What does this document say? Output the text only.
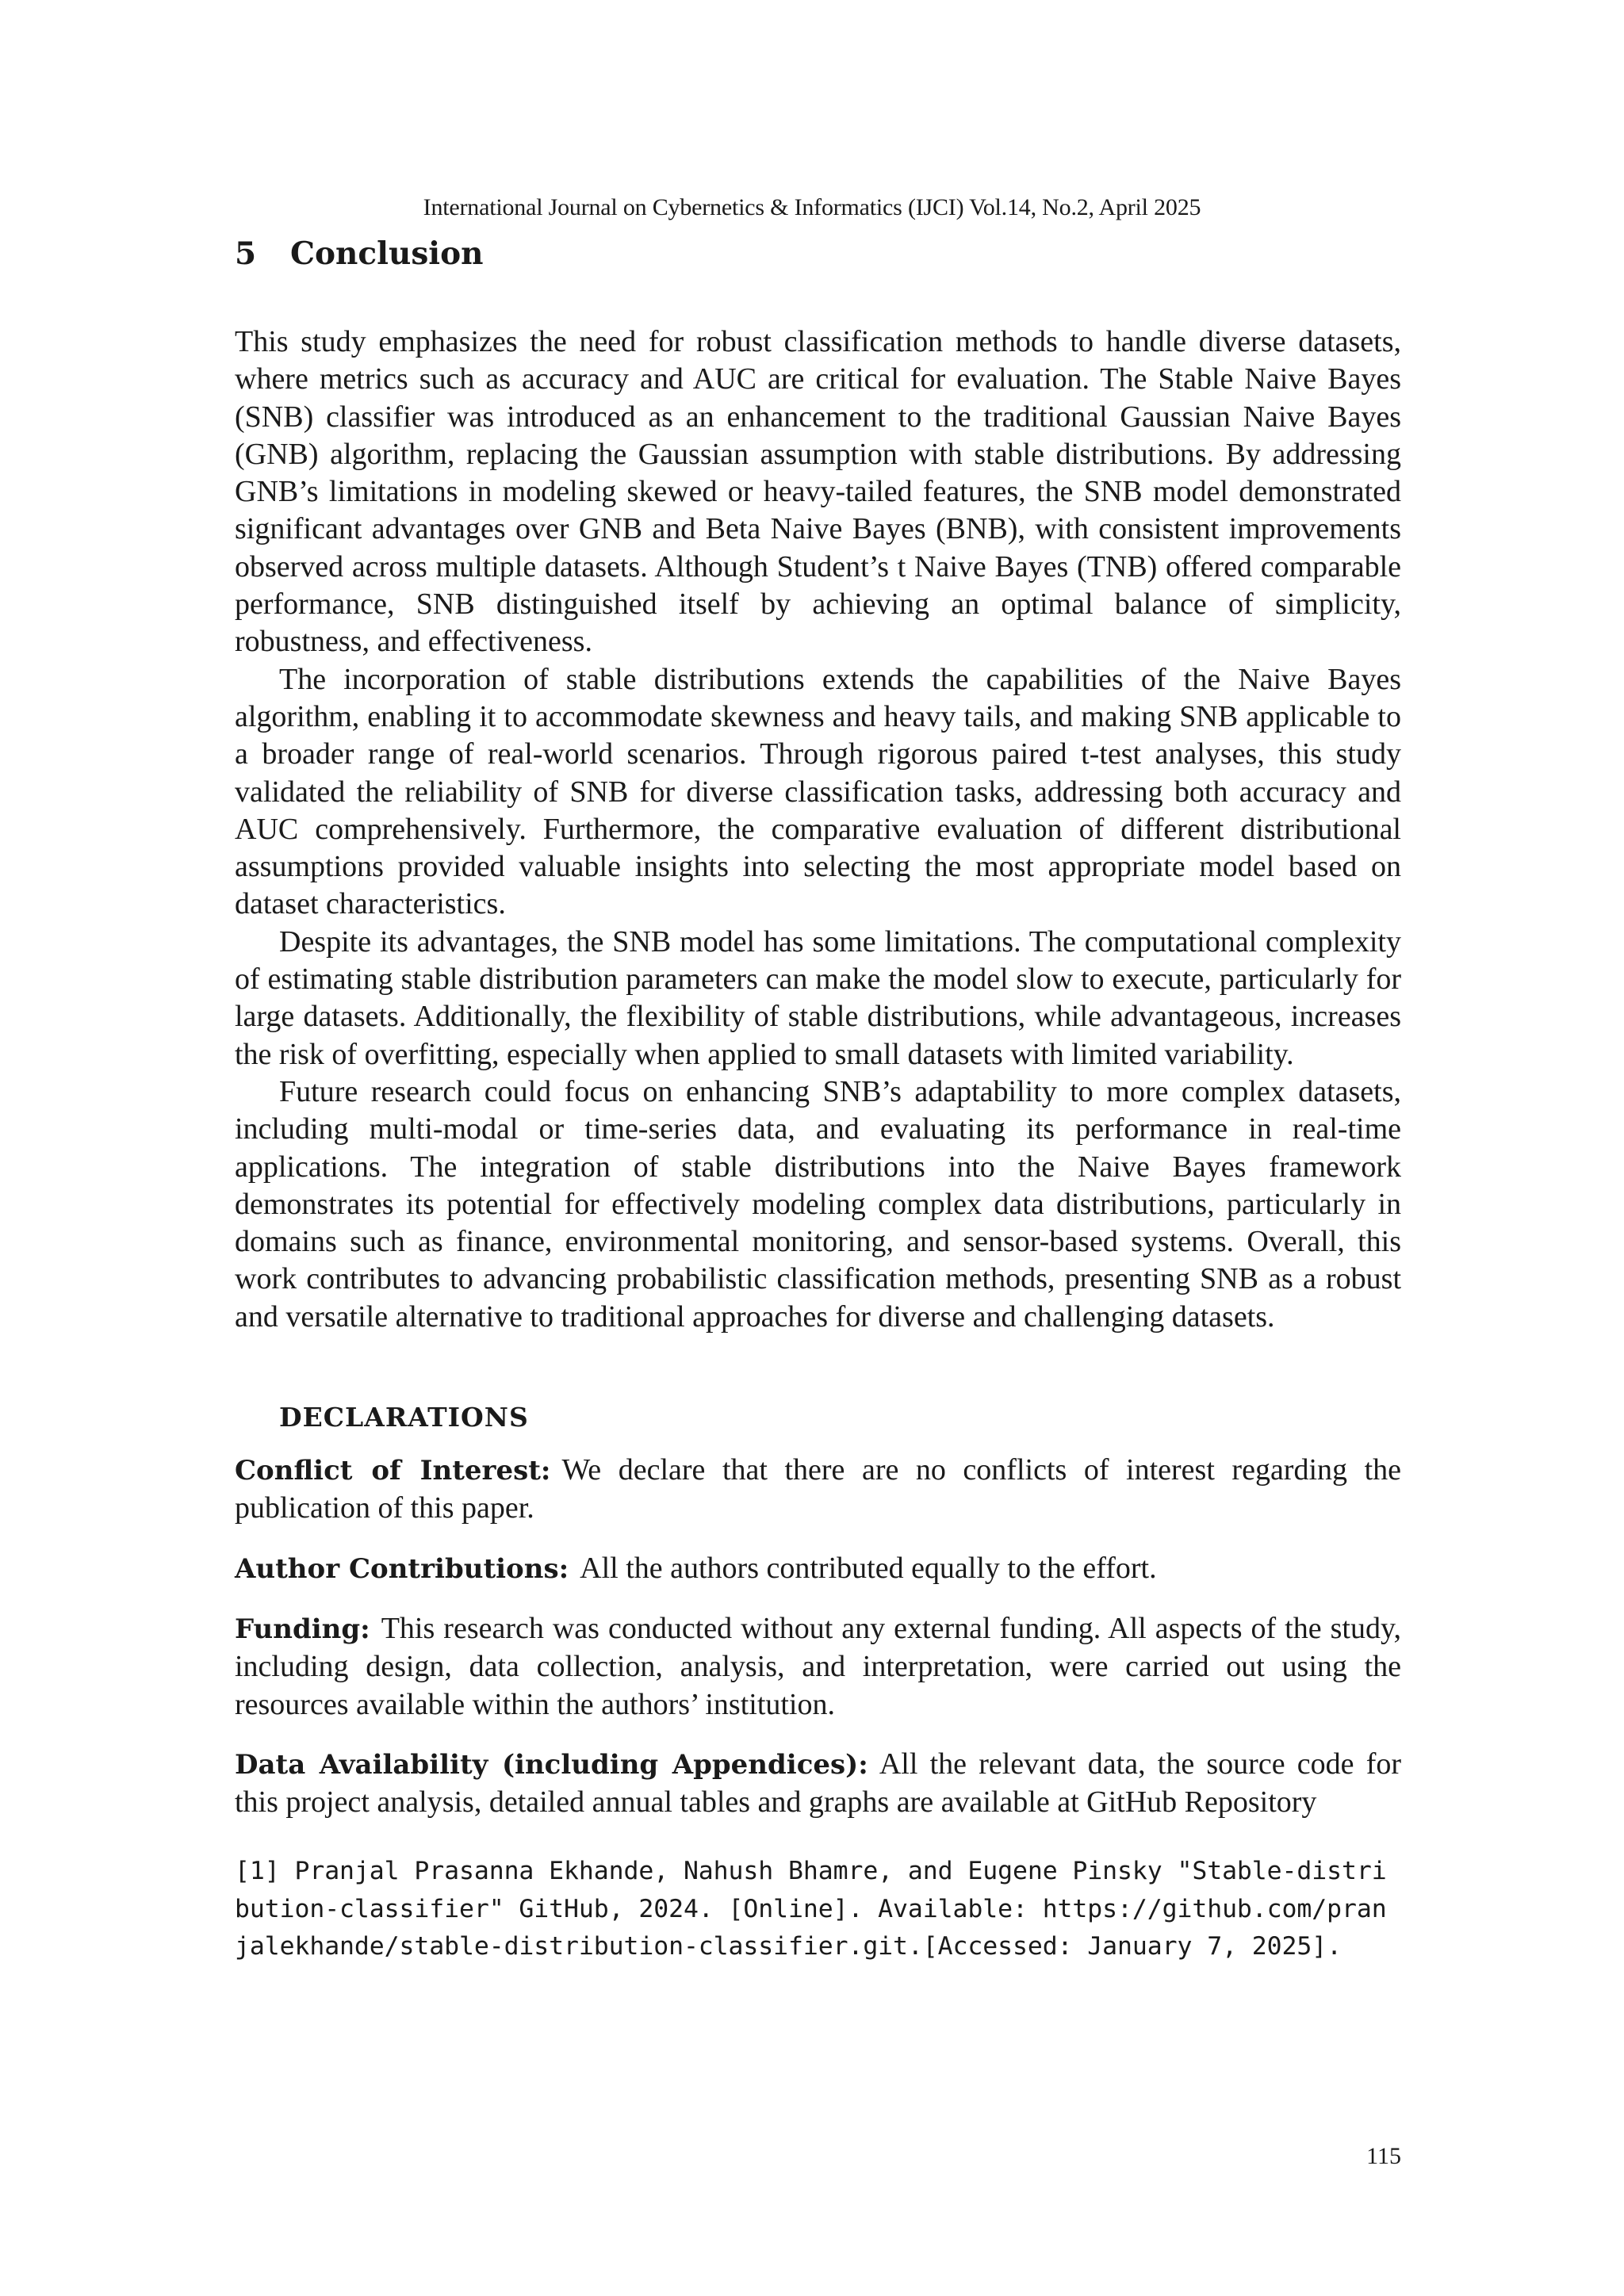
International Journal on Cybernetics & Informatics (IJCI) Vol.14, No.2, April 2025
5 Conclusion

This study emphasizes the need for robust classification methods to handle diverse datasets, where metrics such as accuracy and AUC are critical for evaluation. The Stable Naive Bayes (SNB) classifier was introduced as an enhancement to the traditional Gaussian Naive Bayes (GNB) algorithm, replacing the Gaussian assumption with stable distributions. By addressing GNB’s limitations in modeling skewed or heavy-tailed features, the SNB model demonstrated significant advantages over GNB and Beta Naive Bayes (BNB), with consistent improvements observed across multiple datasets. Although Student’s t Naive Bayes (TNB) offered comparable performance, SNB distinguished itself by achieving an optimal balance of simplicity, robustness, and effectiveness.

The incorporation of stable distributions extends the capabilities of the Naive Bayes algorithm, enabling it to accommodate skewness and heavy tails, and making SNB applicable to a broader range of real-world scenarios. Through rigorous paired t-test analyses, this study validated the reliability of SNB for diverse classification tasks, addressing both accuracy and AUC comprehensively. Furthermore, the comparative evaluation of different distributional assumptions provided valuable insights into selecting the most appropriate model based on dataset characteristics.

Despite its advantages, the SNB model has some limitations. The computational complexity of estimating stable distribution parameters can make the model slow to execute, particularly for large datasets. Additionally, the flexibility of stable distributions, while advantageous, increases the risk of overfitting, especially when applied to small datasets with limited variability.

Future research could focus on enhancing SNB’s adaptability to more complex datasets, including multi-modal or time-series data, and evaluating its performance in real-time applications. The integration of stable distributions into the Naive Bayes framework demonstrates its potential for effectively modeling complex data distributions, particularly in domains such as finance, environmental monitoring, and sensor-based systems. Overall, this work contributes to advancing probabilistic classification methods, presenting SNB as a robust and versatile alternative to traditional approaches for diverse and challenging datasets.

DECLARATIONS

Conflict of Interest: We declare that there are no conflicts of interest regarding the publication of this paper.

Author Contributions: All the authors contributed equally to the effort.

Funding: This research was conducted without any external funding. All aspects of the study, including design, data collection, analysis, and interpretation, were carried out using the resources available within the authors’ institution.

Data Availability (including Appendices): All the relevant data, the source code for this project analysis, detailed annual tables and graphs are available at GitHub Repository

[1] Pranjal Prasanna Ekhande, Nahush Bhamre, and Eugene Pinsky "Stable-distribution-classifier" GitHub, 2024. [Online]. Available: https://github.com/pranjalekhande/stable-distribution-classifier.git.[Accessed: January 7, 2025].

115
